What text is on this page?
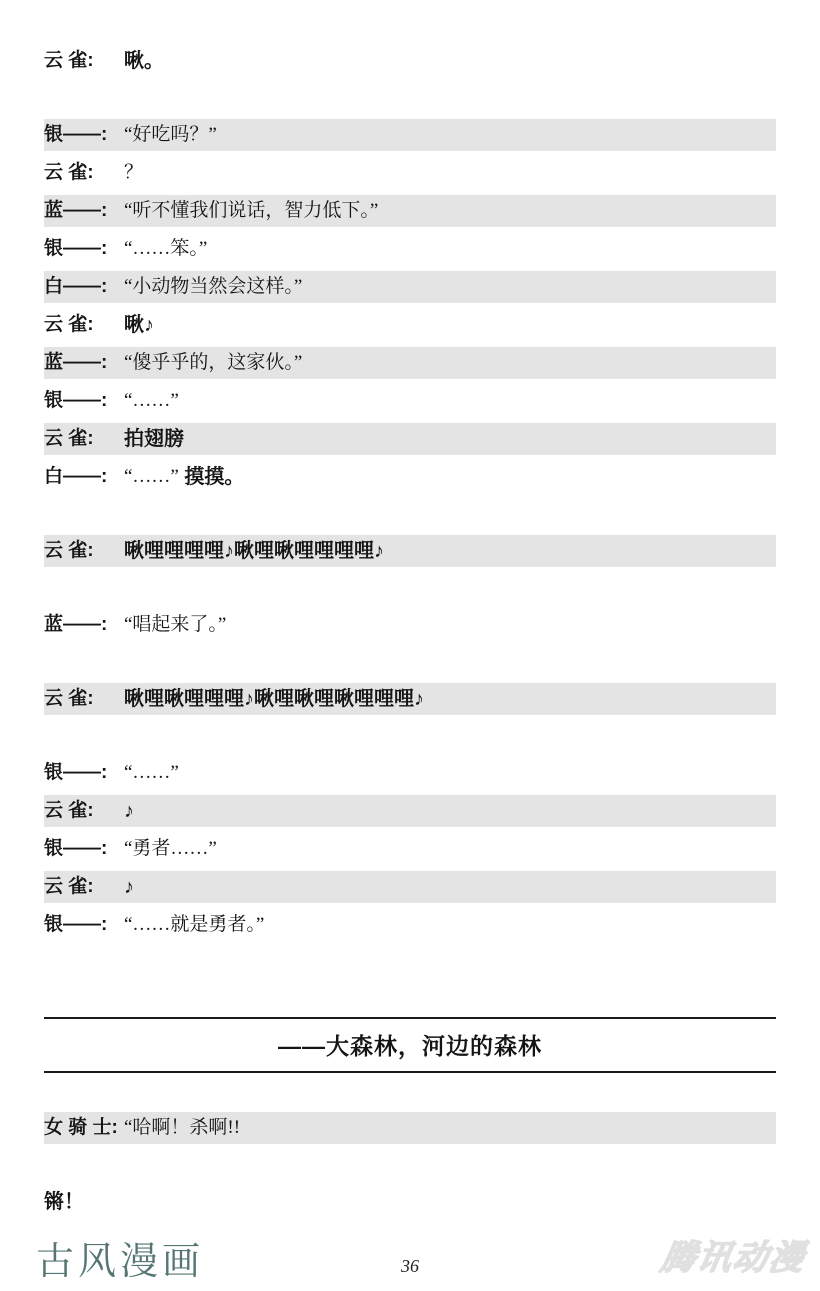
云 雀:	啾。
银——: “好吃吗？”
云 雀:	？
蓝——: “听不懂我们说话，智力低下。”
银——: “……笨。”
白——: “小动物当然会这样。”
云 雀:	啾♪
蓝——: “傻乎乎的，这家伙。”
银——: “……”
云 雀:	拍翅膀
白——: “……” 摸摸。
云 雀:	啾哩哩哩哩♪啾哩啾哩哩哩哩♪
蓝——: “唱起来了。”
云 雀:	啾哩啾哩哩哩♪啾哩啾哩啾哩哩哩♪
银——: “……”
云 雀:	♪
银——: “勇者……”
云 雀:	♪
银——: “……就是勇者。”
——大森林，河边的森林
女 骑 士: “哈啊！杀啊!!
锵！
古风漫画	36	腾讯动漫
